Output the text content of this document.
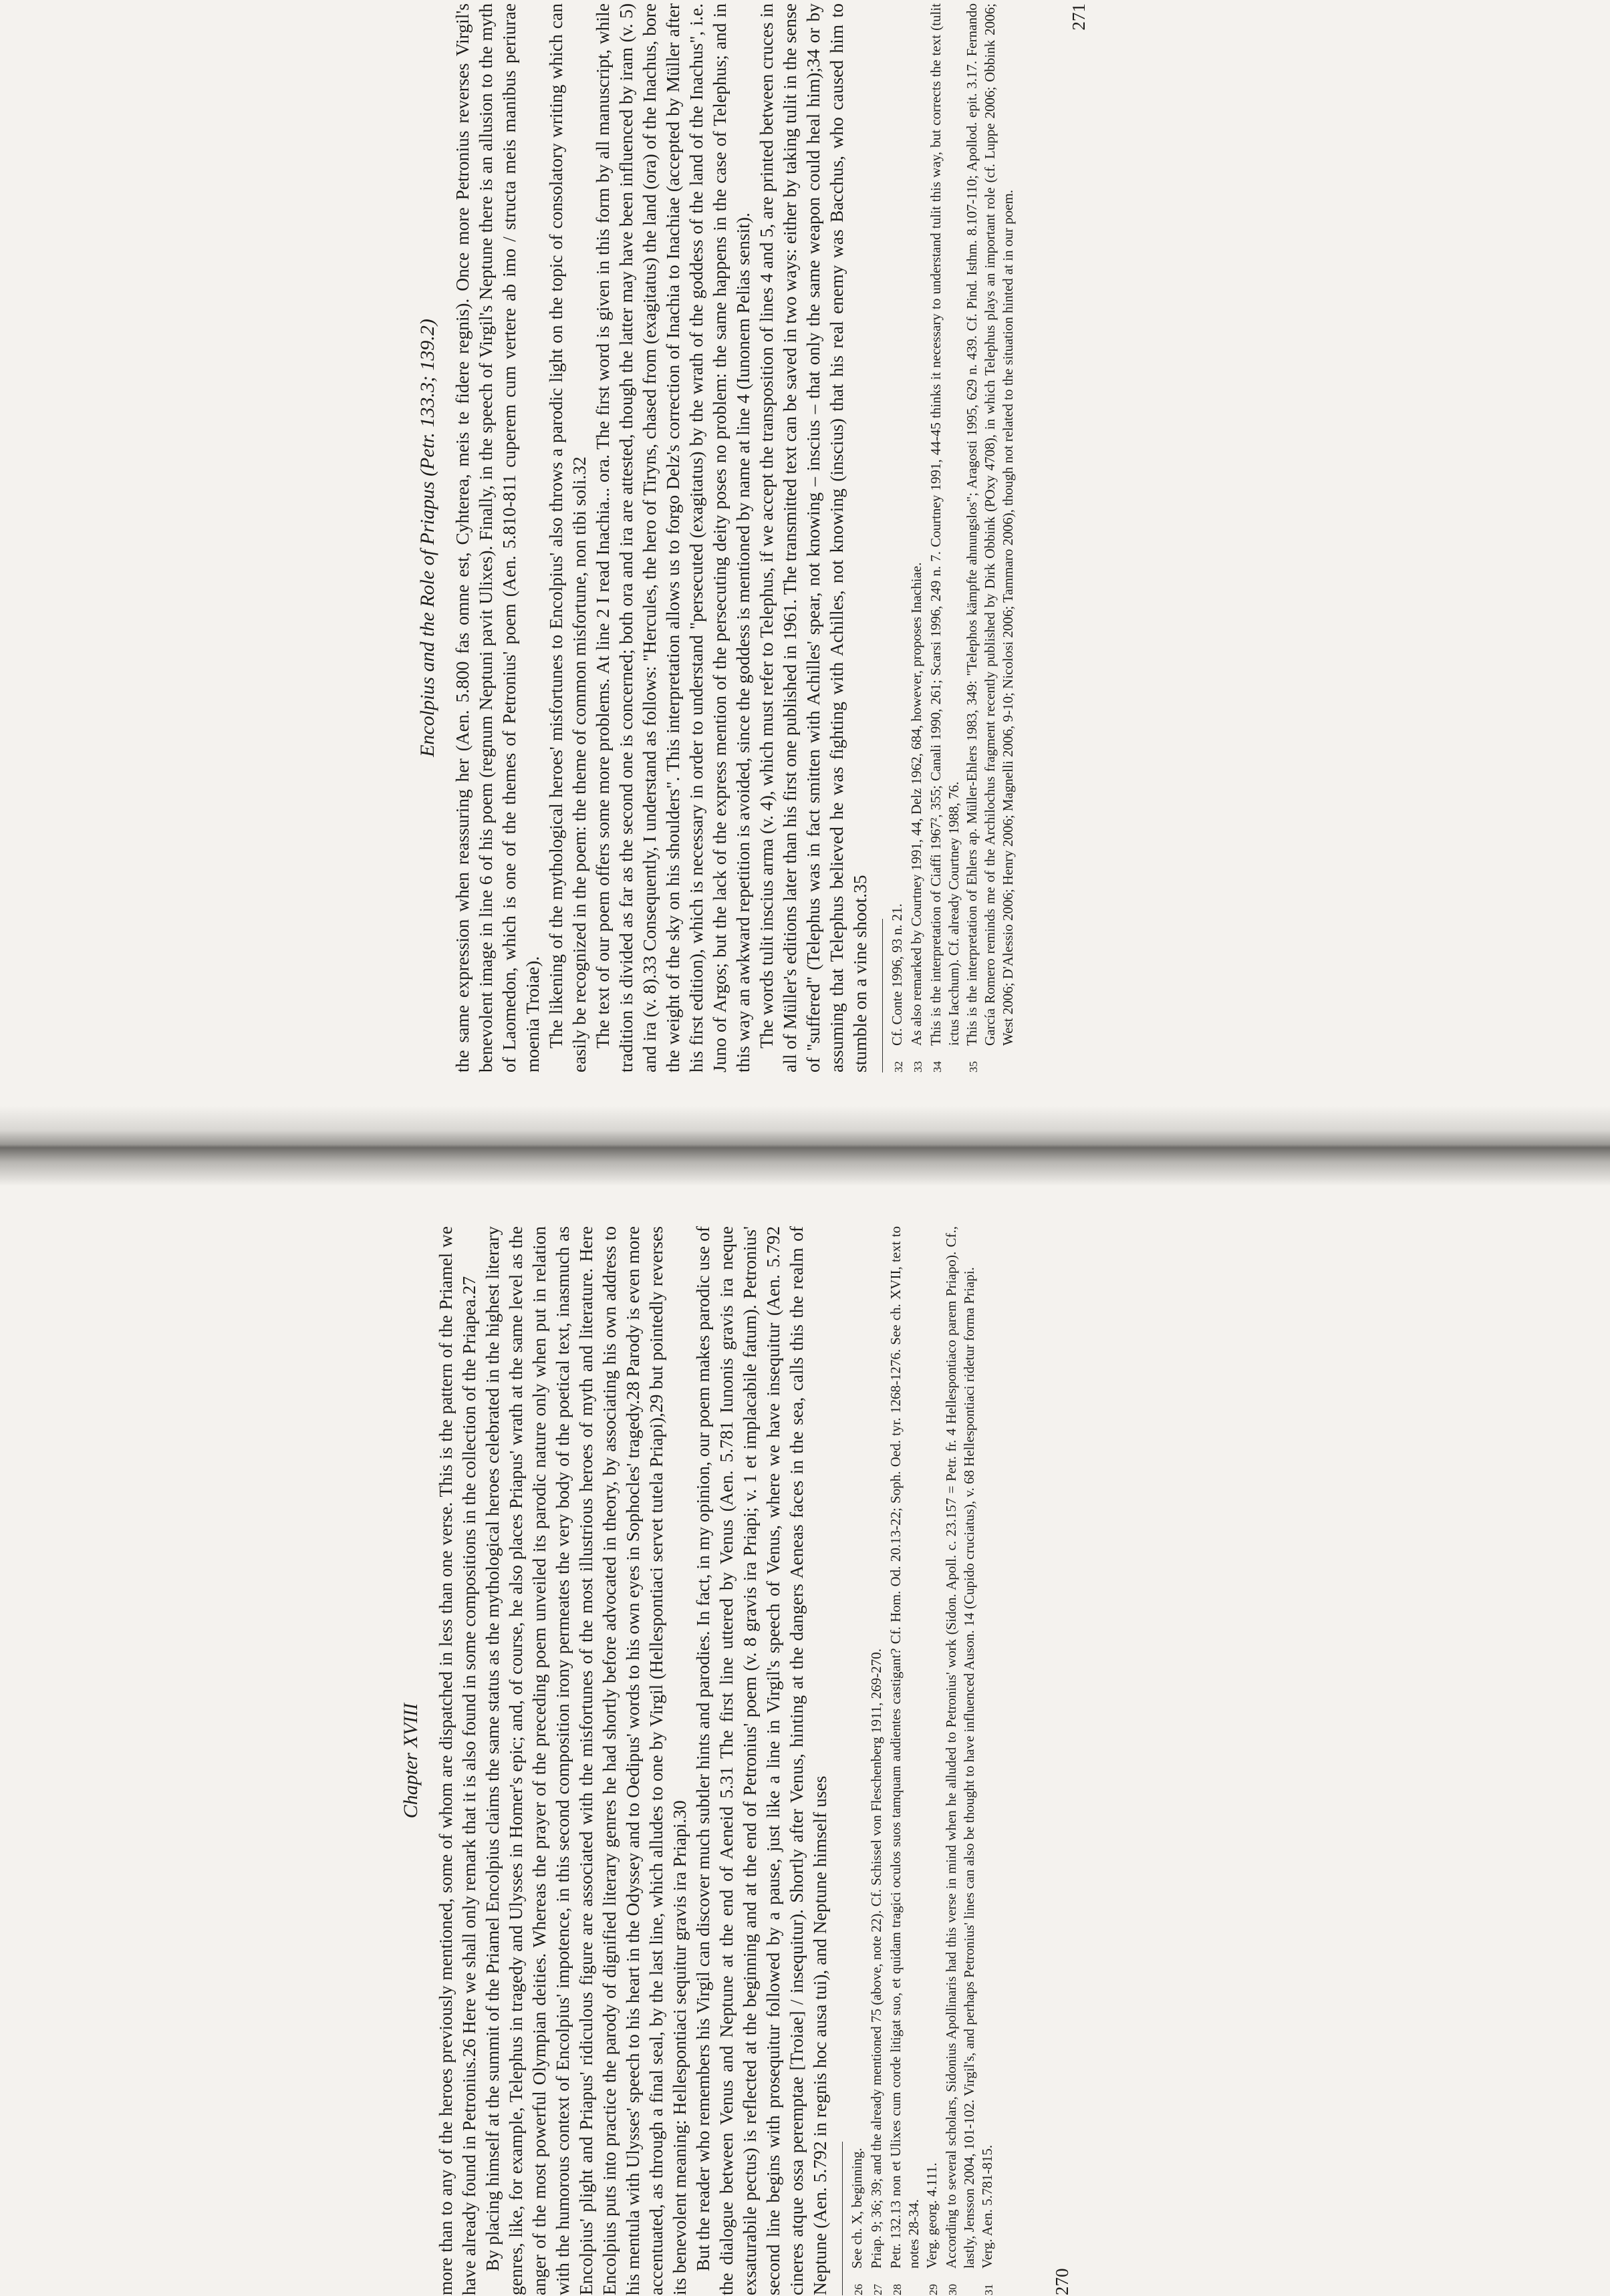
Chapter XVIII more than to any of the heroes previously mentioned, some of whom are dispatched in less than one verse. This is the pattern of the Priamel we have already found in Petronius.26 Here we shall only remark that it is also found in some compositions in the collection of the Priapea.27 By placing himself at the summit of the Priamel Encolpius claims the same status as the mythological heroes celebrated in the highest literary genres, like, for example, Telephus in tragedy and Ulysses in Homer's epic; and, of course, he also places Priapus' wrath at the same level as the anger of the most powerful Olympian deities. Whereas the prayer of the preceding poem unveiled its parodic nature only when put in relation with the humorous context of Encolpius' impotence, in this second composition irony permeates the very body of the poetical text, inasmuch as Encolpius' plight and Priapus' ridiculous figure are associated with the misfortunes of the most illustrious heroes of myth and literature. Here Encolpius puts into practice the parody of dignified literary genres he had shortly before advocated in theory, by associating his own address to his mentula with Ulysses' speech to his heart in the Odyssey and to Oedipus' words to his own eyes in Sophocles' tragedy.28 Parody is even more accentuated, as through a final seal, by the last line, which alludes to one by Virgil (Hellespontiaci servet tutela Priapi),29 but pointedly reverses its benevolent meaning: Hellespontiaci sequitur gravis ira Priapi.30 But the reader who remembers his Virgil can discover much subtler hints and parodies. In fact, in my opinion, our poem makes parodic use of the dialogue between Venus and Neptune at the end of Aeneid 5.31 The first line uttered by Venus (Aen. 5.781 Iunonis gravis ira neque exsaturabile pectus) is reflected at the beginning and at the end of Petronius' poem (v. 8 gravis ira Priapi; v. 1 et implacabile fatum). Petronius' second line begins with prosequitur followed by a pause, just like a line in Virgil's speech of Venus, where we have insequitur (Aen. 5.792 cineres atque ossa peremptae [Troiae] / insequitur). Shortly after Venus, hinting at the dangers Aeneas faces in the sea, calls this the realm of Neptune (Aen. 5.792 in regnis hoc ausa tui), and Neptune himself uses	26
See ch. X, beginning.
27
Priap. 9; 36; 39; and the already mentioned 75 (above, note 22). Cf. Schissel von Fleschenberg 1911, 269-270.
28
Petr. 132.13 non et Ulixes cum corde litigat suo, et quidam tragici oculos suos tamquam audientes castigant? Cf. Hom. Od. 20.13-22; Soph. Oed. tyr. 1268-1276. See ch. XVII, text to notes 28-34.
29
Verg. georg. 4.111.
30
According to several scholars, Sidonius Apollinaris had this verse in mind when he alluded to Petronius' work (Sidon. Apoll. c. 23.157 = Petr. fr. 4 Hellespontiaco parem Priapo). Cf., lastly, Jensson 2004, 101-102. Virgil's, and perhaps Petronius' lines can also be thought to have influenced Auson. 14 (Cupido cruciatus), v. 68 Hellespontiaci ridetur forma Priapi.
31
Verg. Aen. 5.781-815.
270
Encolpius and the Role of Priapus (Petr. 133.3; 139.2) the same expression when reassuring her (Aen. 5.800 fas omne est, Cyhterea, meis te fidere regnis). Once more Petronius reverses Virgil's benevolent image in line 6 of his poem (regnum Neptuni pavit Ulixes). Finally, in the speech of Virgil's Neptune there is an allusion to the myth of Laomedon, which is one of the themes of Petronius' poem (Aen. 5.810-811 cuperem cum vertere ab imo / structa meis manibus periurae moenia Troiae). The likening of the mythological heroes' misfortunes to Encolpius' also throws a parodic light on the topic of consolatory writing which can easily be recognized in the poem: the theme of common misfortune, non tibi soli.32 The text of our poem offers some more problems. At line 2 I read Inachia... ora. The first word is given in this form by all manuscript, while tradition is divided as far as the second one is concerned; both ora and ira are attested, though the latter may have been influenced by iram (v. 5) and ira (v. 8).33 Consequently, I understand as follows: "Hercules, the hero of Tiryns, chased from (exagitatus) the land (ora) of the Inachus, bore the weight of the sky on his shoulders". This interpretation allows us to forgo Delz's correction of Inachia to Inachiae (accepted by Müller after his first edition), which is necessary in order to understand "persecuted (exagitatus) by the wrath of the goddess of the land of the Inachus", i.e. Juno of Argos; but the lack of the express mention of the persecuting deity poses no problem: the same happens in the case of Telephus; and in this way an awkward repetition is avoided, since the goddess is mentioned by name at line 4 (Iunonem Pelias sensit). The words tulit inscius arma (v. 4), which must refer to Telephus, if we accept the transposition of lines 4 and 5, are printed between cruces in all of Müller's editions later than his first one published in 1961. The transmitted text can be saved in two ways: either by taking tulit in the sense of "suffered" (Telephus was in fact smitten with Achilles' spear, not knowing – inscius – that only the same weapon could heal him);34 or by assuming that Telephus believed he was fighting with Achilles, not knowing (inscius) that his real enemy was Bacchus, who caused him to stumble on a vine shoot.35	32
Cf. Conte 1996, 93 n. 21.
33
As also remarked by Courtney 1991, 44, Delz 1962, 684, however, proposes Inachiae.
34
This is the interpretation of Ciaffi 1967², 355; Canali 1990, 261; Scarsi 1996, 249 n. 7. Courtney 1991, 44-45 thinks it necessary to understand tulit this way, but corrects the text (tulit ictus Iacchum). Cf. already Courtney 1988, 76.
35
This is the interpretation of Ehlers ap. Müller-Ehlers 1983, 349: "Telephos kämpfte ahnungslos"; Aragosti 1995, 629 n. 439. Cf. Pind. Isthm. 8.107-110; Apollod. epit. 3.17. Fernando García Romero reminds me of the Archilochus fragment recently published by Dirk Obbink (POxy 4708), in which Telephus plays an important role (cf. Luppe 2006; Obbink 2006; West 2006; D'Alessio 2006; Henry 2006; Magnelli 2006, 9-10; Nicolosi 2006; Tammaro 2006), though not related to the situation hinted at in our poem.
271
